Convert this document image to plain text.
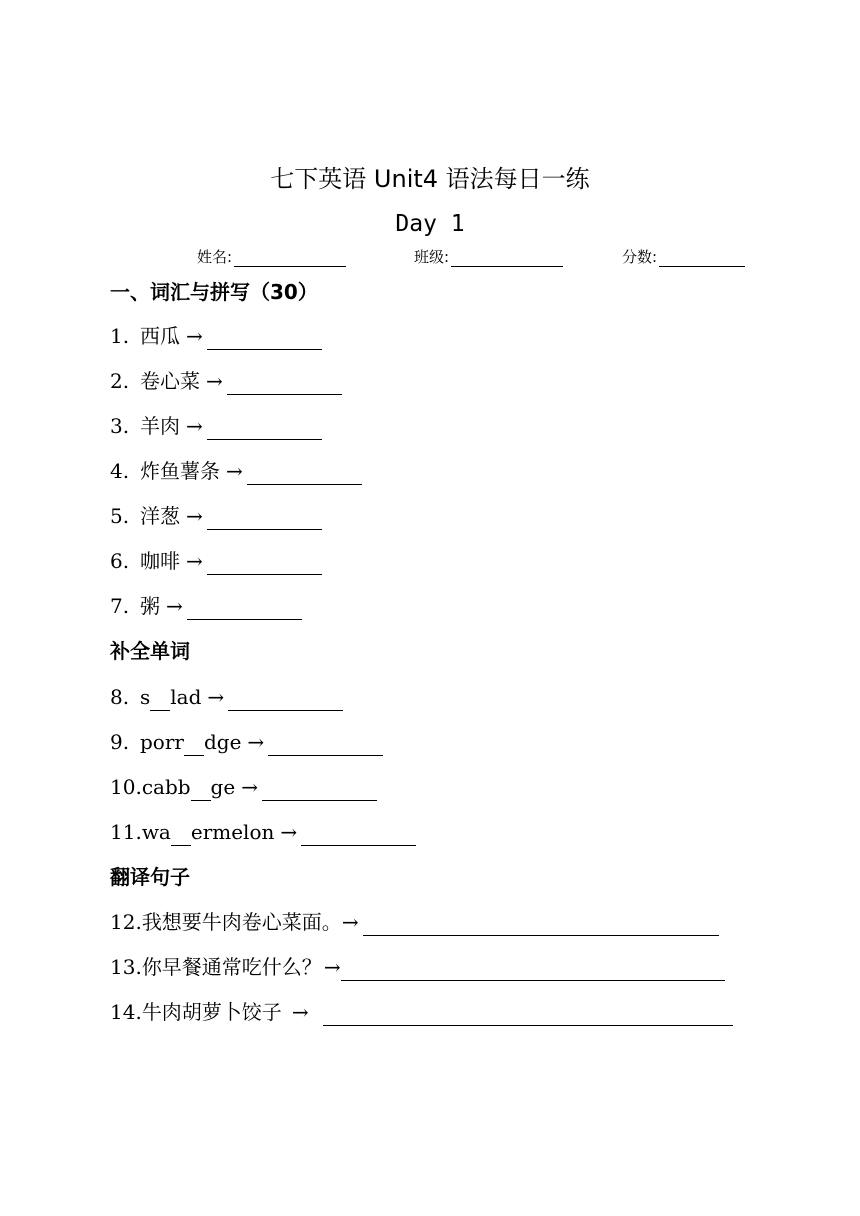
七下英语 Unit4 语法每日一练
Day 1
姓名:	班级:	分数:
一、词汇与拼写（30）
1. 西瓜 →
2. 卷心菜 →
3. 羊肉 →
4. 炸鱼薯条 →
5. 洋葱 →
6. 咖啡 →
7. 粥 →
补全单词
8. s lad →
9. porr dge →
10. cabb ge →
11. wa ermelon →
翻译句子
12. 我想要牛肉卷心菜面。 →
13. 你早餐通常吃什么？ →
14. 牛肉胡萝卜饺子 →
